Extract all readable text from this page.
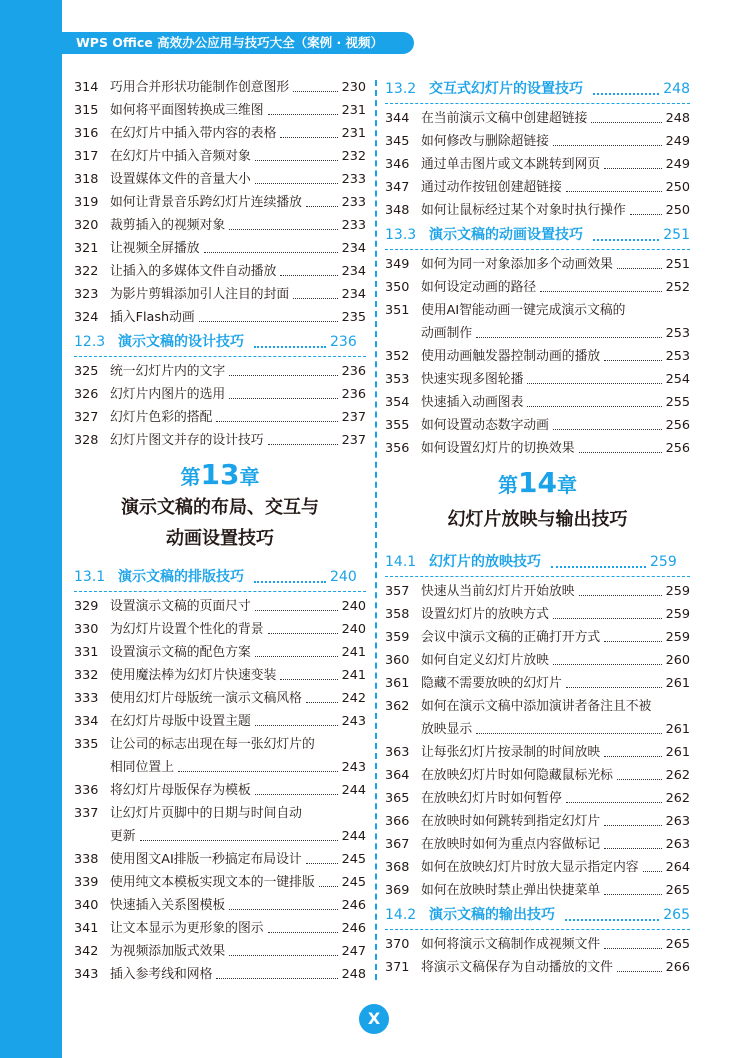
WPS Office 高效办公应用与技巧大全（案例 · 视频）
314 巧用合并形状功能制作创意图形	230
315 如何将平面图转换成三维图	231
316 在幻灯片中插入带内容的表格	231
317 在幻灯片中插入音频对象	232
318 设置媒体文件的音量大小	233
319 如何让背景音乐跨幻灯片连续播放	233
320 裁剪插入的视频对象	233
321 让视频全屏播放	234
322 让插入的多媒体文件自动播放	234
323 为影片剪辑添加引人注目的封面	234
324 插入Flash动画	235
12.3 演示文稿的设计技巧	236
325 统一幻灯片内的文字	236
326 幻灯片内图片的选用	236
327 幻灯片色彩的搭配	237
328 幻灯片图文并存的设计技巧	237
第13章
演示文稿的布局、交互与
动画设置技巧
13.1 演示文稿的排版技巧	240
329 设置演示文稿的页面尺寸	240
330 为幻灯片设置个性化的背景	240
331 设置演示文稿的配色方案	241
332 使用魔法棒为幻灯片快速变装	241
333 使用幻灯片母版统一演示文稿风格	242
334 在幻灯片母版中设置主题	243
335 让公司的标志出现在每一张幻灯片的
相同位置上	243
336 将幻灯片母版保存为模板	244
337 让幻灯片页脚中的日期与时间自动
更新	244
338 使用图文AI排版一秒搞定布局设计	245
339 使用纯文本模板实现文本的一键排版 245
340 快速插入关系图模板	246
341 让文本显示为更形象的图示	246
342 为视频添加版式效果	247
343 插入参考线和网格	248
13.2 交互式幻灯片的设置技巧	248
344 在当前演示文稿中创建超链接	248
345 如何修改与删除超链接	249
346 通过单击图片或文本跳转到网页	249
347 通过动作按钮创建超链接	250
348 如何让鼠标经过某个对象时执行操作	250
13.3 演示文稿的动画设置技巧	251
349 如何为同一对象添加多个动画效果	251
350 如何设定动画的路径	252
351 使用AI智能动画一键完成演示文稿的
动画制作	253
352 使用动画触发器控制动画的播放	253
353 快速实现多图轮播	254
354 快速插入动画图表	255
355 如何设置动态数字动画	256
356 如何设置幻灯片的切换效果	256
第14章
幻灯片放映与输出技巧
14.1 幻灯片的放映技巧	259
357 快速从当前幻灯片开始放映	259
358 设置幻灯片的放映方式	259
359 会议中演示文稿的正确打开方式	259
360 如何自定义幻灯片放映	260
361 隐藏不需要放映的幻灯片	261
362 如何在演示文稿中添加演讲者备注且不被
放映显示	261
363 让每张幻灯片按录制的时间放映	261
364 在放映幻灯片时如何隐藏鼠标光标	262
365 在放映幻灯片时如何暂停	262
366 在放映时如何跳转到指定幻灯片	263
367 在放映时如何为重点内容做标记	263
368 如何在放映幻灯片时放大显示指定内容 264
369 如何在放映时禁止弹出快捷菜单	265
14.2 演示文稿的输出技巧	265
370 如何将演示文稿制作成视频文件	265
371 将演示文稿保存为自动播放的文件	266
X
